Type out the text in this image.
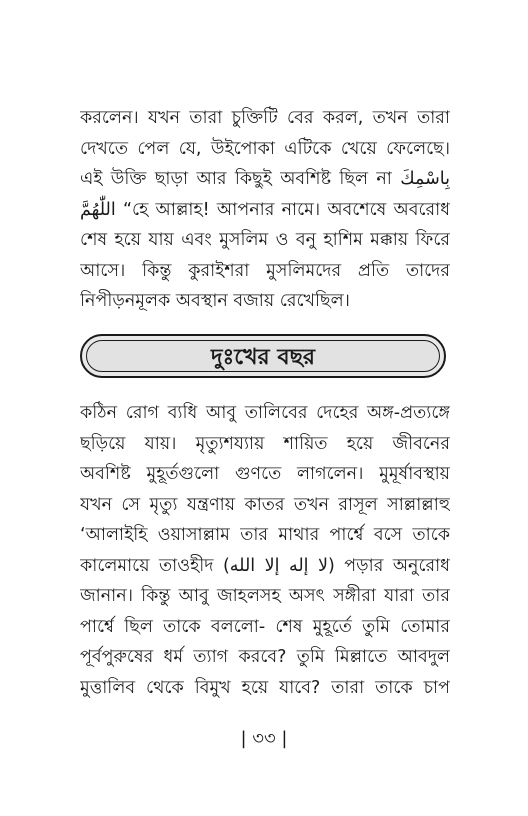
করলেন। যখন তারা চুক্তিটি বের করল, তখন তারা
দেখতে পেল যে, উইপোকা এটিকে খেয়ে ফেলেছে।
এই উক্তি ছাড়া আর কিছুই অবশিষ্ট ছিল না بِاسْمِكَ
اللّٰهُمَّ “হে আল্লাহ! আপনার নামে। অবশেষে অবরোধ
শেষ হয়ে যায় এবং মুসলিম ও বনু হাশিম মক্কায় ফিরে
আসে। কিন্তু কুরাইশরা মুসলিমদের প্রতি তাদের
নিপীড়নমূলক অবস্থান বজায় রেখেছিল।
দুঃখের বছর
কঠিন রোগ ব্যধি আবু তালিবের দেহের অঙ্গ-প্রত্যঙ্গে
ছড়িয়ে যায়। মৃত্যুশয্যায় শায়িত হয়ে জীবনের
অবশিষ্ট মুহূর্তগুলো গুণতে লাগলেন। মুমূর্ষাবস্থায়
যখন সে মৃত্যু যন্ত্রণায় কাতর তখন রাসূল সাল্লাল্লাহু
‘আলাইহি ওয়াসাল্লাম তার মাথার পার্শ্বে বসে তাকে
কালেমায়ে তাওহীদ (لا إله إلا الله) পড়ার অনুরোধ
জানান। কিন্তু আবু জাহলসহ অসৎ সঙ্গীরা যারা তার
পার্শ্বে ছিল তাকে বললো- শেষ মুহূর্তে তুমি তোমার
পূর্বপুরুষের ধর্ম ত্যাগ করবে? তুমি মিল্লাতে আবদুল
মুত্তালিব থেকে বিমুখ হয়ে যাবে? তারা তাকে চাপ
| ৩৩ |
